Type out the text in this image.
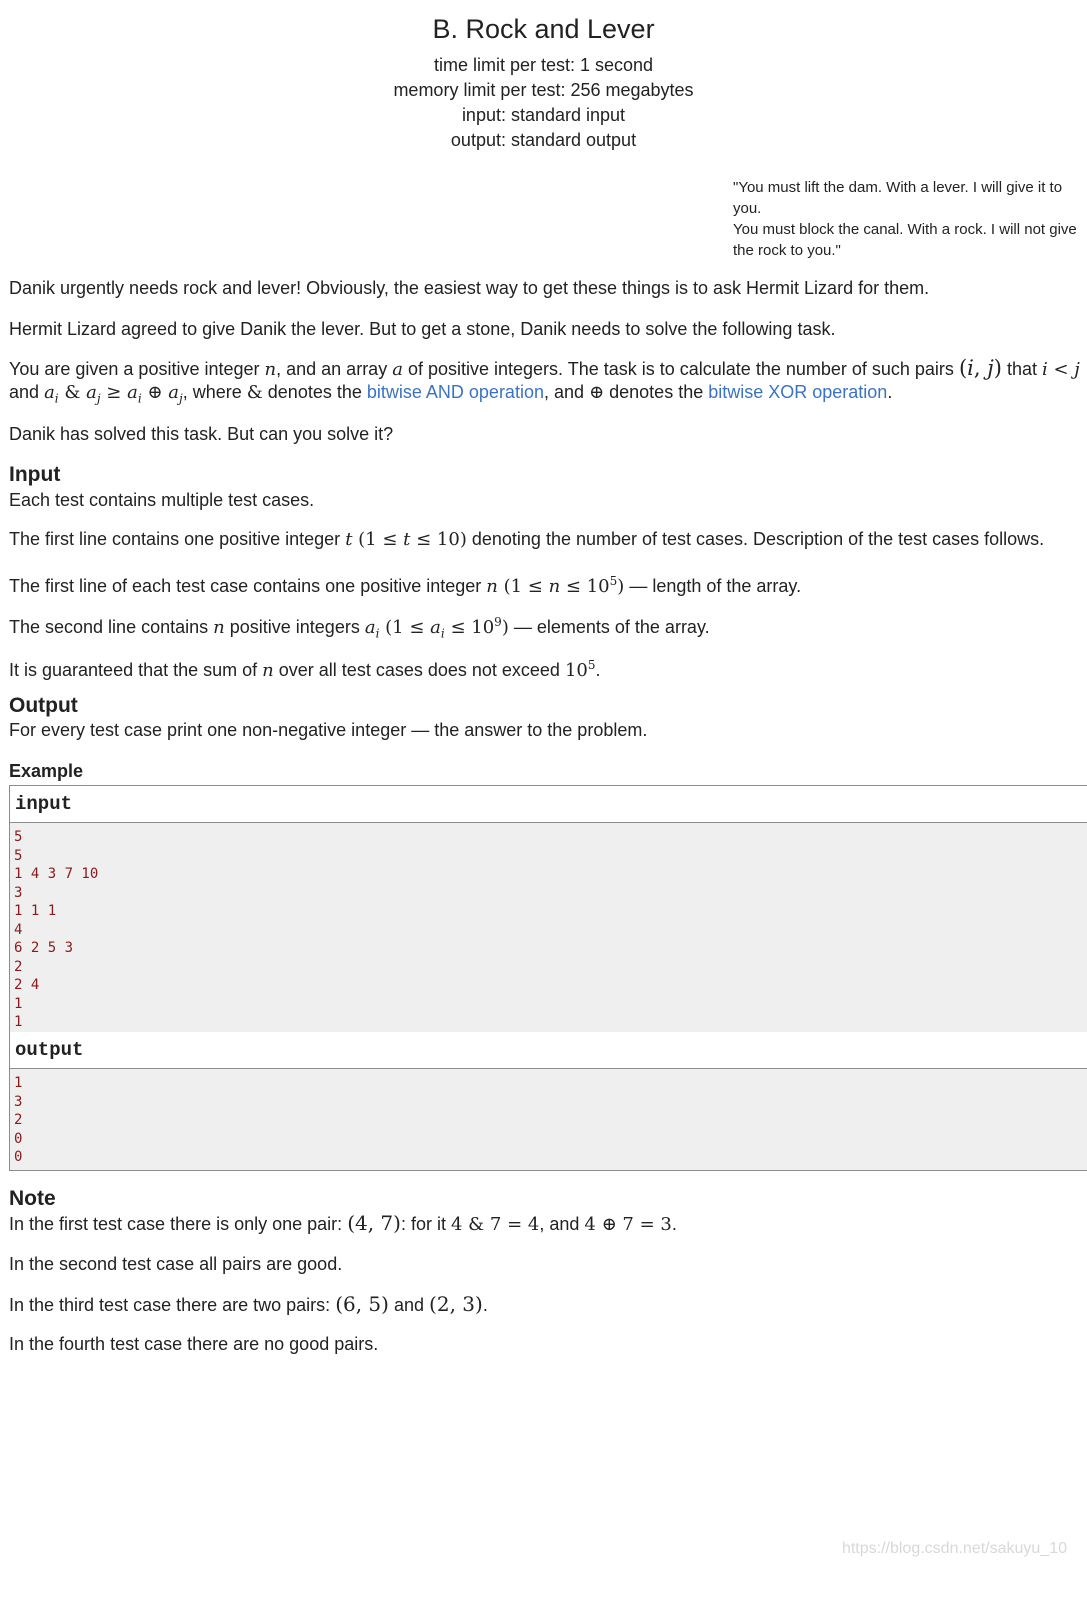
B. Rock and Lever
time limit per test: 1 second
memory limit per test: 256 megabytes
input: standard input
output: standard output
"You must lift the dam. With a lever. I will give it to
you.
You must block the canal. With a rock. I will not give
the rock to you."
Danik urgently needs rock and lever! Obviously, the easiest way to get these things is to ask Hermit Lizard for them.
Hermit Lizard agreed to give Danik the lever. But to get a stone, Danik needs to solve the following task.
You are given a positive integer n, and an array a of positive integers. The task is to calculate the number of such pairs (i, j) that i < j
and $a_i$ & $a_j \ge a_i$ ⊕ $a_j$, where & denotes the bitwise AND operation, and ⊕ denotes the bitwise XOR operation.
Danik has solved this task. But can you solve it?
Input
Each test contains multiple test cases.
The first line contains one positive integer t (1 ≤ t ≤ 10) denoting the number of test cases. Description of the test cases follows.
The first line of each test case contains one positive integer n $(1 \le n \le 10^5)$ — length of the array.
The second line contains n positive integers $a_i$ $(1 \le a_i \le 10^9)$ — elements of the array.
It is guaranteed that the sum of n over all test cases does not exceed $10^5$.
Output
For every test case print one non-negative integer — the answer to the problem.
Example
input
5
5
1 4 3 7 10
3
1 1 1
4
6 2 5 3
2
2 4
1
1
output
1
3
2
0
0
Note
In the first test case there is only one pair: (4, 7): for it 4 & 7 = 4, and 4 ⊕ 7 = 3.
In the second test case all pairs are good.
In the third test case there are two pairs: (6, 5) and (2, 3).
In the fourth test case there are no good pairs.
https://blog.csdn.net/sakuyu_10
